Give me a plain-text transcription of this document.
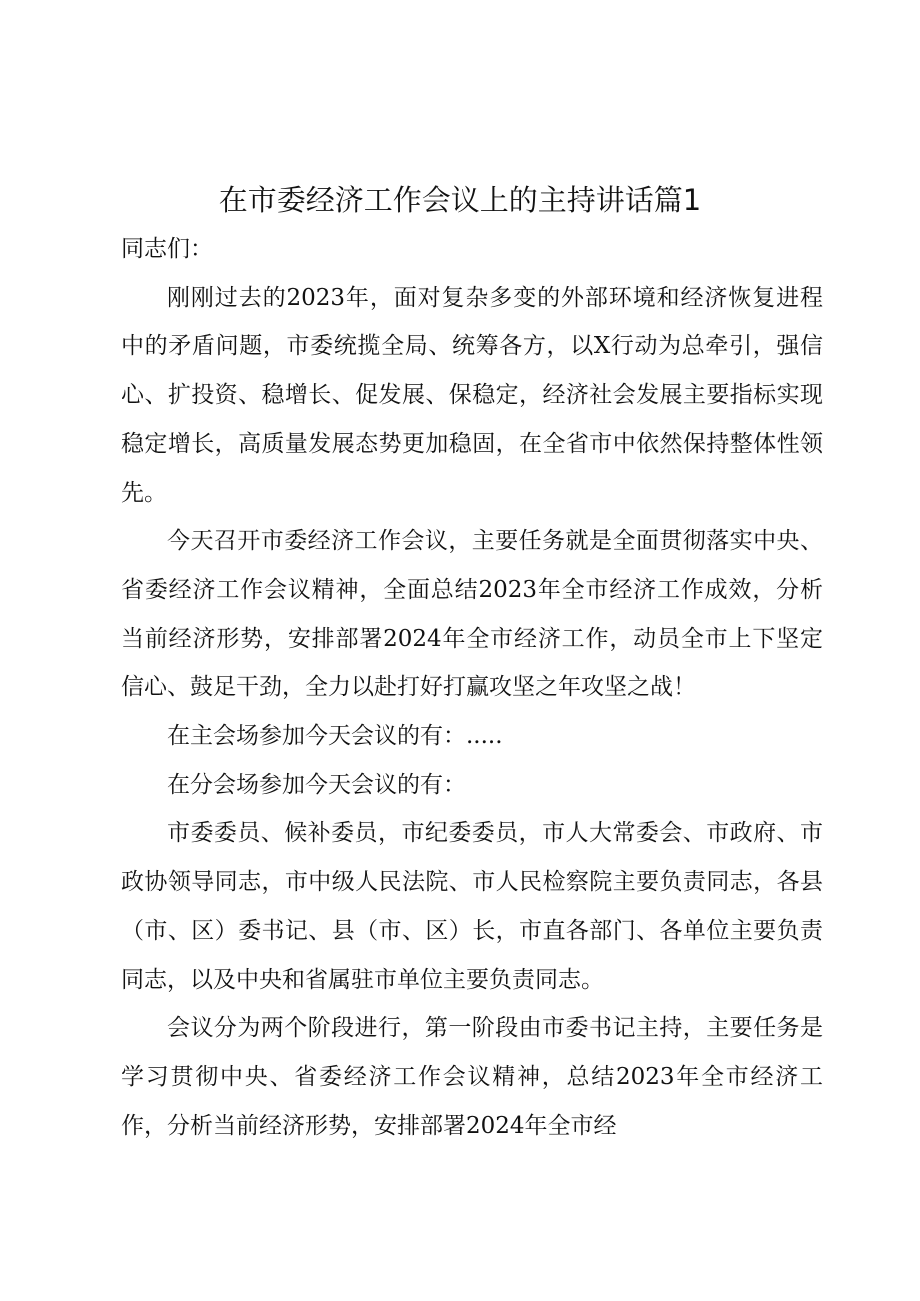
在市委经济工作会议上的主持讲话篇1

同志们：

刚刚过去的2023年，面对复杂多变的外部环境和经济恢复进程中的矛盾问题，市委统揽全局、统筹各方，以X行动为总牵引，强信心、扩投资、稳增长、促发展、保稳定，经济社会发展主要指标实现稳定增长，高质量发展态势更加稳固，在全省市中依然保持整体性领先。

今天召开市委经济工作会议，主要任务就是全面贯彻落实中央、省委经济工作会议精神，全面总结2023年全市经济工作成效，分析当前经济形势，安排部署2024年全市经济工作，动员全市上下坚定信心、鼓足干劲，全力以赴打好打赢攻坚之年攻坚之战！

在主会场参加今天会议的有：.....

在分会场参加今天会议的有：

市委委员、候补委员，市纪委委员，市人大常委会、市政府、市政协领导同志，市中级人民法院、市人民检察院主要负责同志，各县（市、区）委书记、县（市、区）长，市直各部门、各单位主要负责同志，以及中央和省属驻市单位主要负责同志。

会议分为两个阶段进行，第一阶段由市委书记主持，主要任务是学习贯彻中央、省委经济工作会议精神，总结2023年全市经济工作，分析当前经济形势，安排部署2024年全市经
